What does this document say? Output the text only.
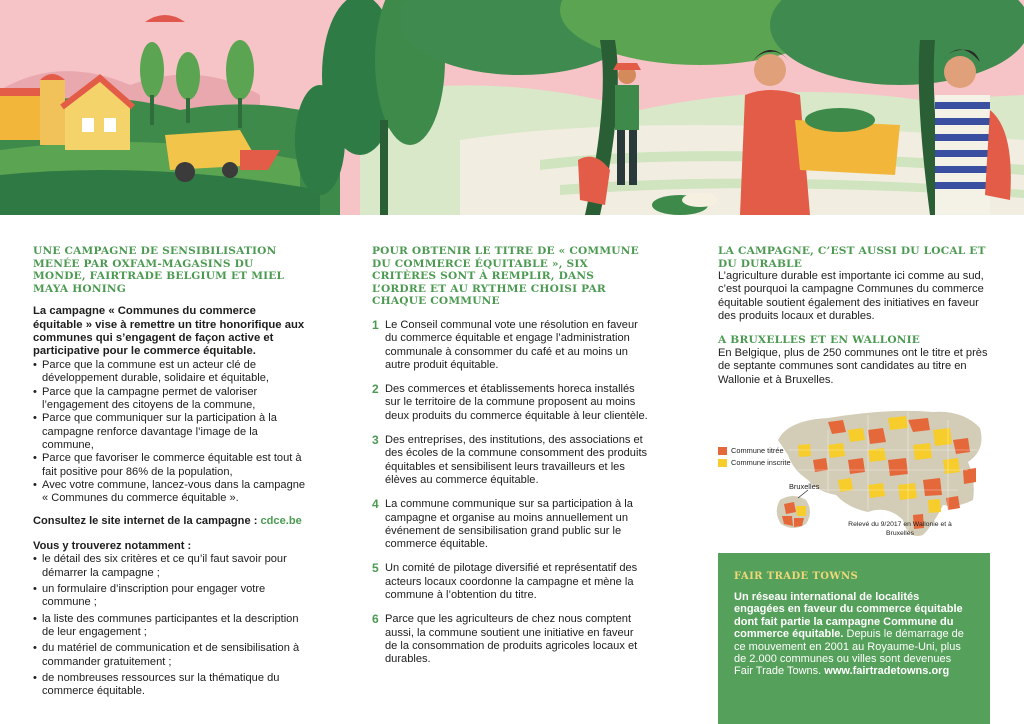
UNE CAMPAGNE DE SENSIBILISATION MENÉE PAR OXFAM-MAGASINS DU MONDE, FAIRTRADE BELGIUM ET MIEL MAYA HONING
La campagne « Communes du commerce équitable » vise à remettre un titre honorifique aux communes qui s’engagent de façon active et participative pour le commerce équitable.
• Parce que la commune est un acteur clé de développement durable, solidaire et équitable,
• Parce que la campagne permet de valoriser l’engagement des citoyens de la commune,
• Parce que communiquer sur la participation à la campagne renforce davantage l’image de la commune,
• Parce que favoriser le commerce équitable est tout à fait positive pour 86% de la population,
• Avec votre commune, lancez-vous dans la campagne « Communes du commerce équitable ».
Consultez le site internet de la campagne : cdce.be
Vous y trouverez notamment :
• le détail des six critères et ce qu’il faut savoir pour démarrer la campagne ;
• un formulaire d’inscription pour engager votre commune ;
• la liste des communes participantes et la description de leur engagement ;
• du matériel de communication et de sensibilisation à commander gratuitement ;
• de nombreuses ressources sur la thématique du commerce équitable.
POUR OBTENIR LE TITRE DE « COMMUNE DU COMMERCE ÉQUITABLE », SIX CRITÈRES SONT À REMPLIR, DANS L’ORDRE ET AU RYTHME CHOISI PAR CHAQUE COMMUNE
1 Le Conseil communal vote une résolution en faveur du commerce équitable et engage l’administration communale à consommer du café et au moins un autre produit équitable.
2 Des commerces et établissements horeca installés sur le territoire de la commune proposent au moins deux produits du commerce équitable à leur clientèle.
3 Des entreprises, des institutions, des associations et des écoles de la commune consomment des produits équitables et sensibilisent leurs travailleurs et les élèves au commerce équitable.
4 La commune communique sur sa participation à la campagne et organise au moins annuellement un événement de sensibilisation grand public sur le commerce équitable.
5 Un comité de pilotage diversifié et représentatif des acteurs locaux coordonne la campagne et mène la commune à l’obtention du titre.
6 Parce que les agriculteurs de chez nous comptent aussi, la commune soutient une initiative en faveur de la consommation de produits agricoles locaux et durables.
LA CAMPAGNE, C’EST AUSSI DU LOCAL ET DU DURABLE
L’agriculture durable est importante ici comme au sud, c’est pourquoi la campagne Communes du commerce équitable soutient également des initiatives en faveur des produits locaux et durables.
A BRUXELLES ET EN WALLONIE
En Belgique, plus de 250 communes ont le titre et près de septante communes sont candidates au titre en Wallonie et à Bruxelles.
Commune titrée
Commune inscrite
Bruxelles
Relevé du 9/2017 en Wallonie et à Bruxelles
FAIR TRADE TOWNS
Un réseau international de localités engagées en faveur du commerce équitable dont fait partie la campagne Commune du commerce équitable. Depuis le démarrage de ce mouvement en 2001 au Royaume-Uni, plus de 2.000 communes ou villes sont devenues Fair Trade Towns. www.fairtradetowns.org
